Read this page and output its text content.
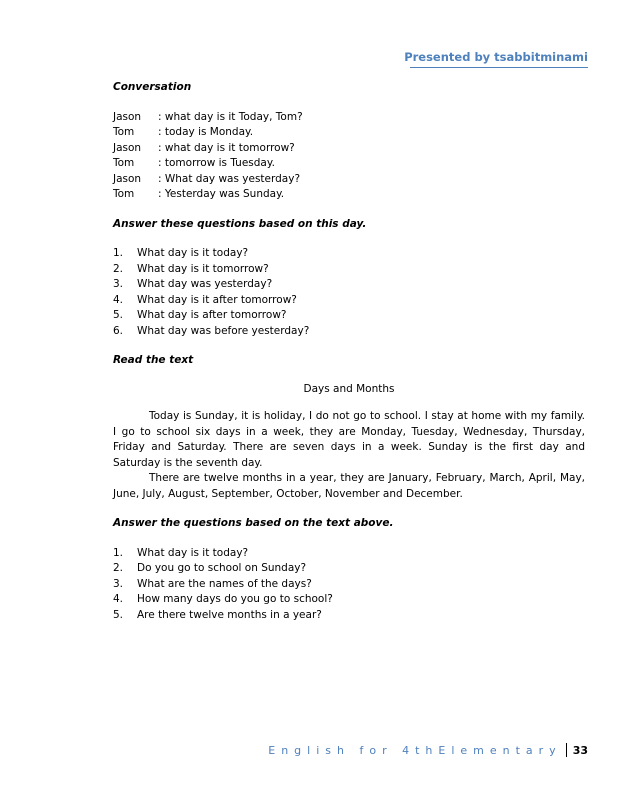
Presented by tsabbitminami

Conversation

Jason	: what day is it Today, Tom?
Tom	: today is Monday.
Jason	: what day is it tomorrow?
Tom	: tomorrow is Tuesday.
Jason	: What day was yesterday?
Tom	: Yesterday was Sunday.

Answer these questions based on this day.

1.	What day is it today?
2.	What day is it tomorrow?
3.	What day was yesterday?
4.	What day is it after tomorrow?
5.	What day is after tomorrow?
6.	What day was before yesterday?

Read the text

Days and Months

Today is Sunday, it is holiday, I do not go to school. I stay at home with my family. I go to school six days in a week, they are Monday, Tuesday, Wednesday, Thursday, Friday and Saturday. There are seven days in a week. Sunday is the first day and Saturday is the seventh day.

There are twelve months in a year, they are January, February, March, April, May, June, July, August, September, October, November and December.

Answer the questions based on the text above.

1.	What day is it today?
2.	Do you go to school on Sunday?
3.	What are the names of the days?
4.	How many days do you go to school?
5.	Are there twelve months in a year?
English for 4thElementary 33
